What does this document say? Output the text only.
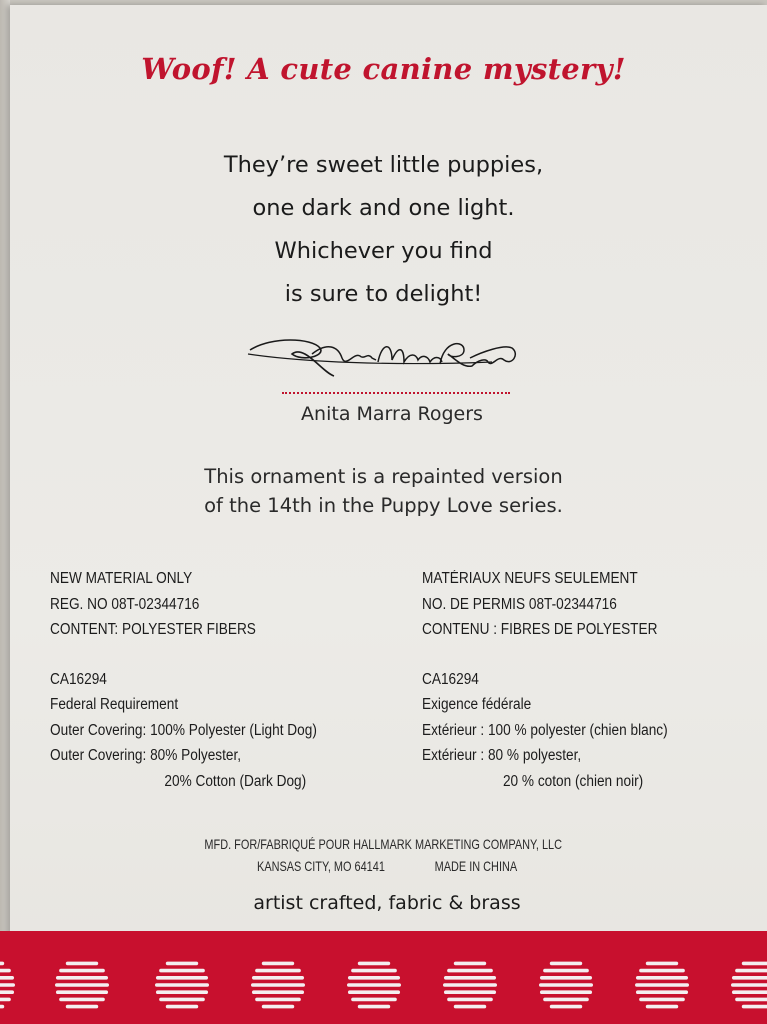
Woof! A cute canine mystery!
They’re sweet little puppies,
one dark and one light.
Whichever you find
is sure to delight!
Anita Marra Rogers
This ornament is a repainted version
of the 14th in the Puppy Love series.
NEW MATERIAL ONLY
REG. NO 08T-02344716
CONTENT: POLYESTER FIBERS
CA16294
Federal Requirement
Outer Covering: 100% Polyester (Light Dog)
Outer Covering: 80% Polyester,
20% Cotton (Dark Dog)
MATÉRIAUX NEUFS SEULEMENT
NO. DE PERMIS 08T-02344716
CONTENU : FIBRES DE POLYESTER
CA16294
Exigence fédérale
Extérieur : 100 % polyester (chien blanc)
Extérieur : 80 % polyester,
20 % coton (chien noir)
MFD. FOR/FABRIQUÉ POUR HALLMARK MARKETING COMPANY, LLC
KANSAS CITY, MO 64141	MADE IN CHINA
artist crafted, fabric & brass
